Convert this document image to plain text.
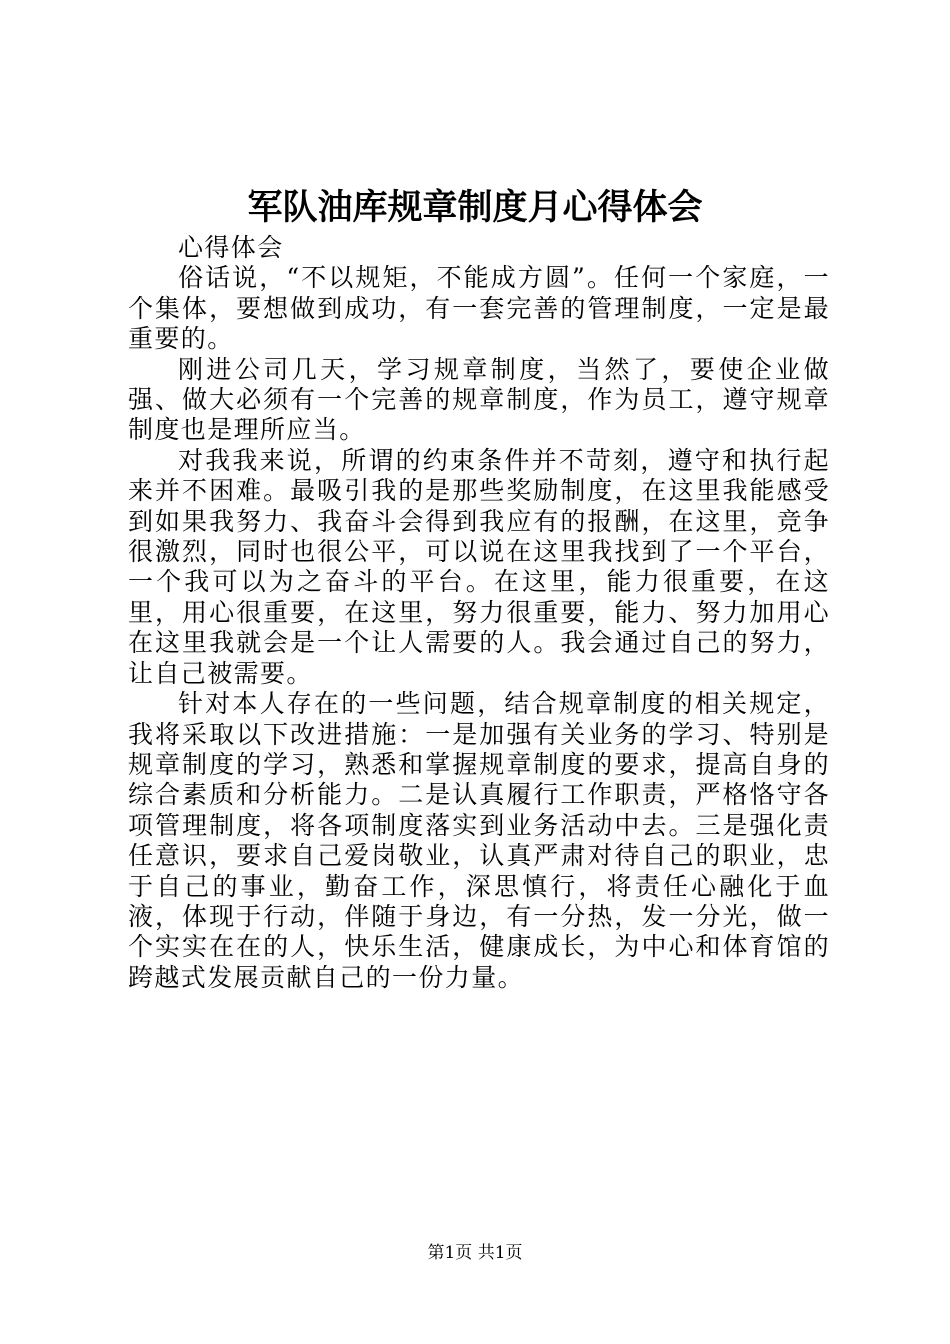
军队油库规章制度月心得体会

心得体会

俗话说，“不以规矩，不能成方圆”。任何一个家庭，一个集体，要想做到成功，有一套完善的管理制度，一定是最重要的。

刚进公司几天，学习规章制度，当然了，要使企业做强、做大必须有一个完善的规章制度，作为员工，遵守规章制度也是理所应当。

对我我来说，所谓的约束条件并不苛刻，遵守和执行起来并不困难。最吸引我的是那些奖励制度，在这里我能感受到如果我努力、我奋斗会得到我应有的报酬，在这里，竞争很激烈，同时也很公平，可以说在这里我找到了一个平台，一个我可以为之奋斗的平台。在这里，能力很重要，在这里，用心很重要，在这里，努力很重要，能力、努力加用心在这里我就会是一个让人需要的人。我会通过自己的努力，让自己被需要。

针对本人存在的一些问题，结合规章制度的相关规定，我将采取以下改进措施：一是加强有关业务的学习、特别是规章制度的学习，熟悉和掌握规章制度的要求，提高自身的综合素质和分析能力。二是认真履行工作职责，严格恪守各项管理制度，将各项制度落实到业务活动中去。三是强化责任意识，要求自己爱岗敬业，认真严肃对待自己的职业，忠于自己的事业，勤奋工作，深思慎行，将责任心融化于血液，体现于行动，伴随于身边，有一分热，发一分光，做一个实实在在的人，快乐生活，健康成长，为中心和体育馆的跨越式发展贡献自己的一份力量。

第1页 共1页
